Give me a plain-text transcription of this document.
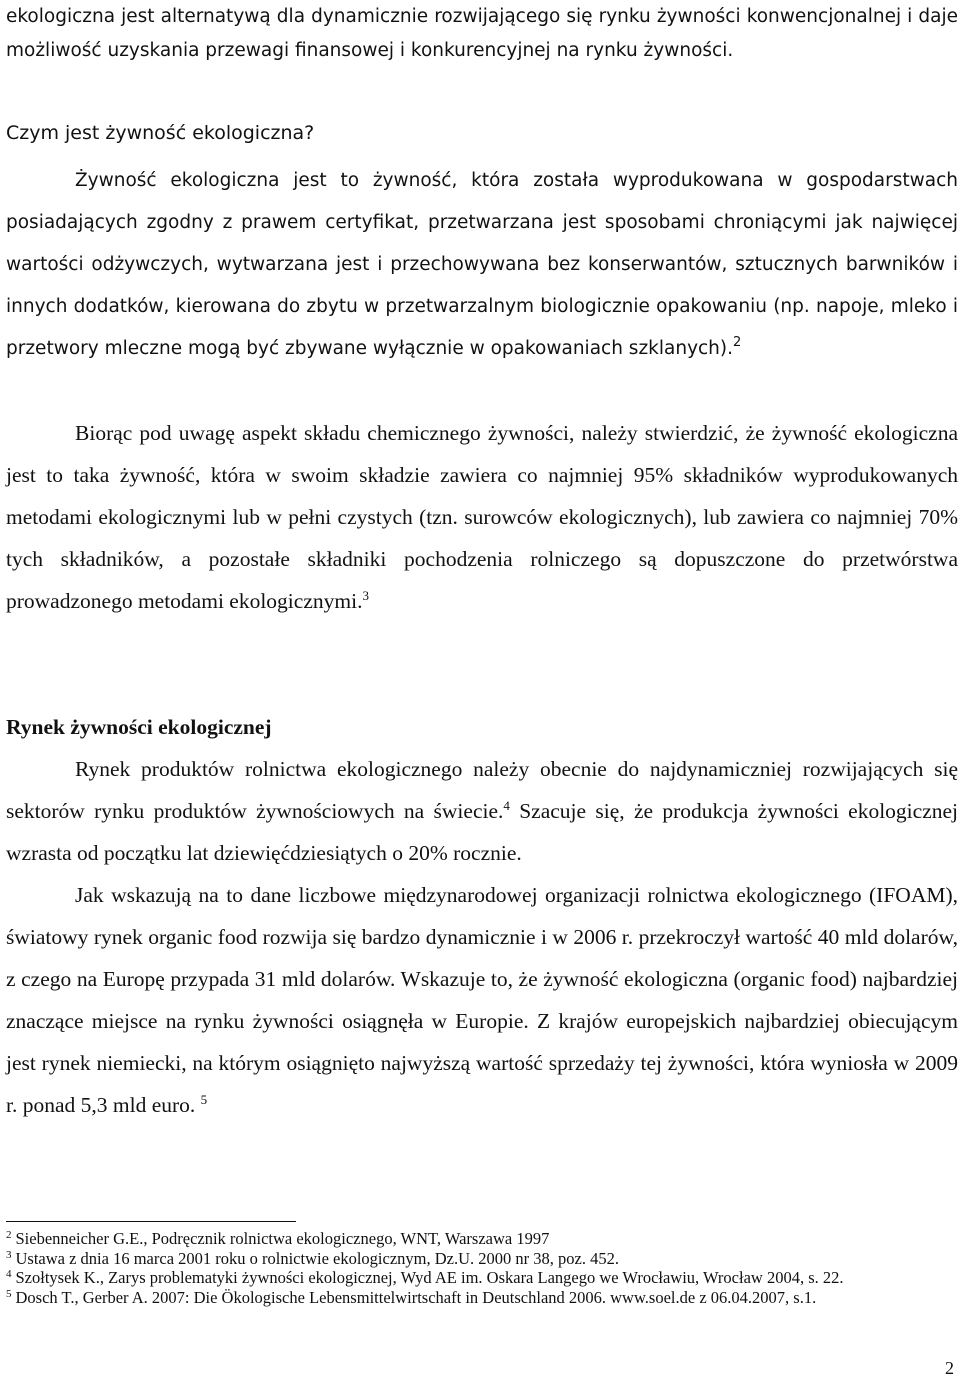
ekologiczna jest alternatywą dla dynamicznie rozwijającego się rynku żywności konwencjonalnej i daje możliwość uzyskania przewagi finansowej i konkurencyjnej na rynku żywności.
Czym jest żywność ekologiczna?
Żywność ekologiczna jest to żywność, która została wyprodukowana w gospodarstwach posiadających zgodny z prawem certyfikat, przetwarzana jest sposobami chroniącymi jak najwięcej wartości odżywczych, wytwarzana jest i przechowywana bez konserwantów, sztucznych barwników i innych dodatków, kierowana do zbytu w przetwarzalnym biologicznie opakowaniu (np. napoje, mleko i przetwory mleczne mogą być zbywane wyłącznie w opakowaniach szklanych).$^2$
Biorąc pod uwagę aspekt składu chemicznego żywności, należy stwierdzić, że żywność ekologiczna jest to taka żywność, która w swoim składzie zawiera co najmniej 95% składników wyprodukowanych metodami ekologicznymi lub w pełni czystych (tzn. surowców ekologicznych), lub zawiera co najmniej 70% tych składników, a pozostałe składniki pochodzenia rolniczego są dopuszczone do przetwórstwa prowadzonego metodami ekologicznymi.$^3$
Rynek żywności ekologicznej
Rynek produktów rolnictwa ekologicznego należy obecnie do najdynamiczniej rozwijających się sektorów rynku produktów żywnościowych na świecie.$^4$ Szacuje się, że produkcja żywności ekologicznej wzrasta od początku lat dziewięćdziesiątych o 20% rocznie.
Jak wskazują na to dane liczbowe międzynarodowej organizacji rolnictwa ekologicznego (IFOAM), światowy rynek organic food rozwija się bardzo dynamicznie i w 2006 r. przekroczył wartość 40 mld dolarów, z czego na Europę przypada 31 mld dolarów. Wskazuje to, że żywność ekologiczna (organic food) najbardziej znaczące miejsce na rynku żywności osiągnęła w Europie. Z krajów europejskich najbardziej obiecującym jest rynek niemiecki, na którym osiągnięto najwyższą wartość sprzedaży tej żywności, która wyniosła w 2009 r. ponad 5,3 mld euro. $^5$
$^2$ Siebenneicher G.E., Podręcznik rolnictwa ekologicznego, WNT, Warszawa 1997
$^3$ Ustawa z dnia 16 marca 2001 roku o rolnictwie ekologicznym, Dz.U. 2000 nr 38, poz. 452.
$^4$ Szołtysek K., Zarys problematyki żywności ekologicznej, Wyd AE im. Oskara Langego we Wrocławiu, Wrocław 2004, s. 22.
$^5$ Dosch T., Gerber A. 2007: Die Ökologische Lebensmittelwirtschaft in Deutschland 2006. www.soel.de z 06.04.2007, s.1.
2
